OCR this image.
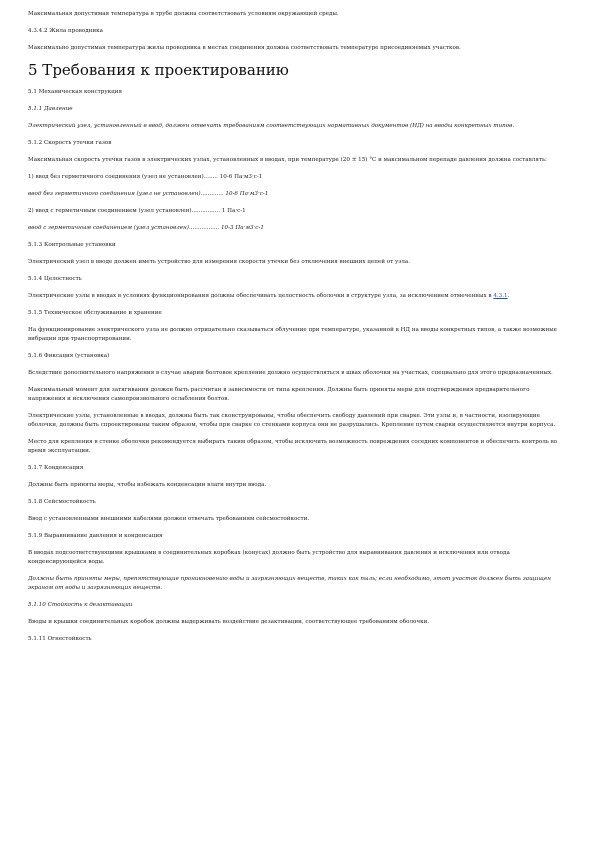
Максимальная допустимая температура в трубе должна соответствовать условиям окружающей среды.

4.3.4.2 Жила проводника

Максимально допустимая температура жилы проводника в местах соединения должна соответствовать температуре присоединяемых участков.

5 Требования к проектированию

5.1 Механическая конструкция

5.1.1 Давление

Электрический узел, установленный в ввод, должен отвечать требованиям соответствующих нормативных документов (НД) на вводы конкретных типов.

5.1.2 Скорость утечки газов

Максимальная скорость утечки газов в электрических узлах, установленных в вводах, при температуре (20 ± 15) °С и максимальном перепаде давления должна составлять:

1) ввод без герметичного соединения (узел не установлен)........ 10-6 Па·м3·с-1

ввод без герметичного соединения (узел не установлен)............. 10-6 Па·м3·с-1

2) ввод с герметичным соединением (узел установлен)................ 1 Па·с-1

ввод с герметичным соединением (узел установлен)................. 10-3 Па·м3·с-1

5.1.3 Контрольные установки

Электрический узел в вводе должен иметь устройство для измерения скорости утечки без отключения внешних цепей от узла.

5.1.4 Целостность

Электрические узлы в вводах в условиях функционирования должны обеспечивать целостность оболочки в структуре узла, за исключением отмеченных в 4.3.1.

5.1.5 Техническое обслуживание и хранение

На функционирование электрического узла не должно отрицательно сказываться облучение при температуре, указанной в НД на вводы конкретных типов, а также возможные вибрации при транспортировании.

5.1.6 Фиксация (установка)

Вследствие дополнительного напряжения в случае аварии болтовое крепление должно осуществляться в швах оболочки на участках, специально для этого предназначенных.

Максимальный момент для затягивания должен быть рассчитан в зависимости от типа крепления. Должны быть приняты меры для подтверждения предварительного напряжения и исключения самопроизвольного ослабления болтов.

Электрические узлы, установленные в вводах, должны быть так сконструированы, чтобы обеспечить свободу давлений при сварке. Эти узлы и, в частности, изолирующие оболочки, должны быть спроектированы таким образом, чтобы при сварке со стенками корпуса они не разрушались. Крепление путем сварки осуществляется внутри корпуса.

Место для крепления в стенке оболочки рекомендуется выбирать таким образом, чтобы исключить возможность повреждения соседних компонентов и обеспечить контроль во время эксплуатации.

5.1.7 Конденсация

Должны быть приняты меры, чтобы избежать конденсации влаги внутри ввода.

5.1.8 Сейсмостойкость

Ввод с установленными внешними кабелями должен отвечать требованиям сейсмостойкости.

5.1.9 Выравнивание давления и конденсация

В вводах подсоответствующими крышками в соединительных коробках (конусах) должно быть устройство для выравнивания давления и исключения или отвода конденсирующейся воды.

Должны быть приняты меры, препятствующие проникновению воды и загрязняющих веществ, таких как пыль; если необходимо, этот участок должен быть защищен экраном от воды и загрязняющих веществ.

5.1.10 Стойкость к дезактивации

Вводы и крышки соединительных коробок должны выдерживать воздействие дезактивации, соответствующее требованиям оболочки.

5.1.11 Огнестойкость
